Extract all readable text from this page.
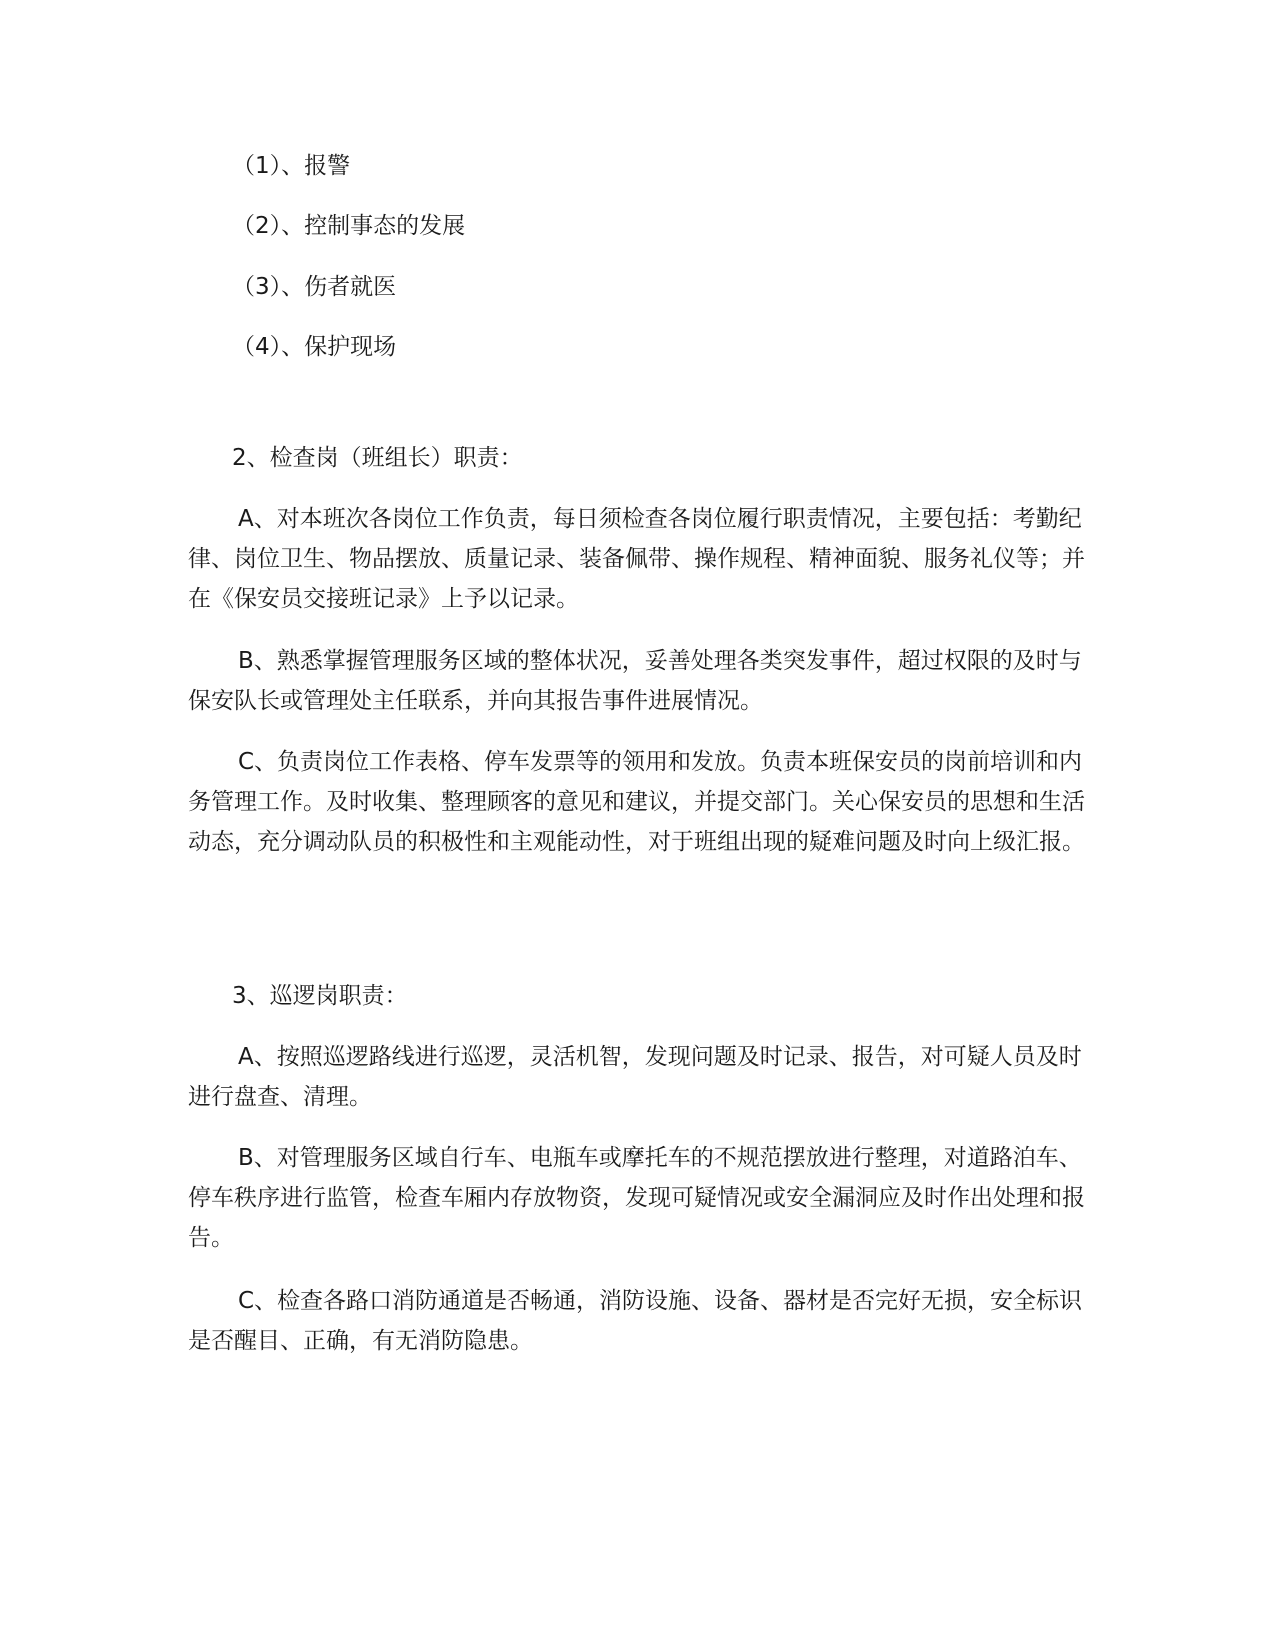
（1）、报警

（2）、控制事态的发展

（3）、伤者就医

（4）、保护现场

2、检查岗（班组长）职责：

A、对本班次各岗位工作负责，每日须检查各岗位履行职责情况，主要包括：考勤纪律、岗位卫生、物品摆放、质量记录、装备佩带、操作规程、精神面貌、服务礼仪等；并在《保安员交接班记录》上予以记录。

B、熟悉掌握管理服务区域的整体状况，妥善处理各类突发事件，超过权限的及时与保安队长或管理处主任联系，并向其报告事件进展情况。

C、负责岗位工作表格、停车发票等的领用和发放。负责本班保安员的岗前培训和内务管理工作。及时收集、整理顾客的意见和建议，并提交部门。关心保安员的思想和生活动态，充分调动队员的积极性和主观能动性，对于班组出现的疑难问题及时向上级汇报。

3、巡逻岗职责：

A、按照巡逻路线进行巡逻，灵活机智，发现问题及时记录、报告，对可疑人员及时进行盘查、清理。

B、对管理服务区域自行车、电瓶车或摩托车的不规范摆放进行整理，对道路泊车、停车秩序进行监管，检查车厢内存放物资，发现可疑情况或安全漏洞应及时作出处理和报告。

C、检查各路口消防通道是否畅通，消防设施、设备、器材是否完好无损，安全标识是否醒目、正确，有无消防隐患。
